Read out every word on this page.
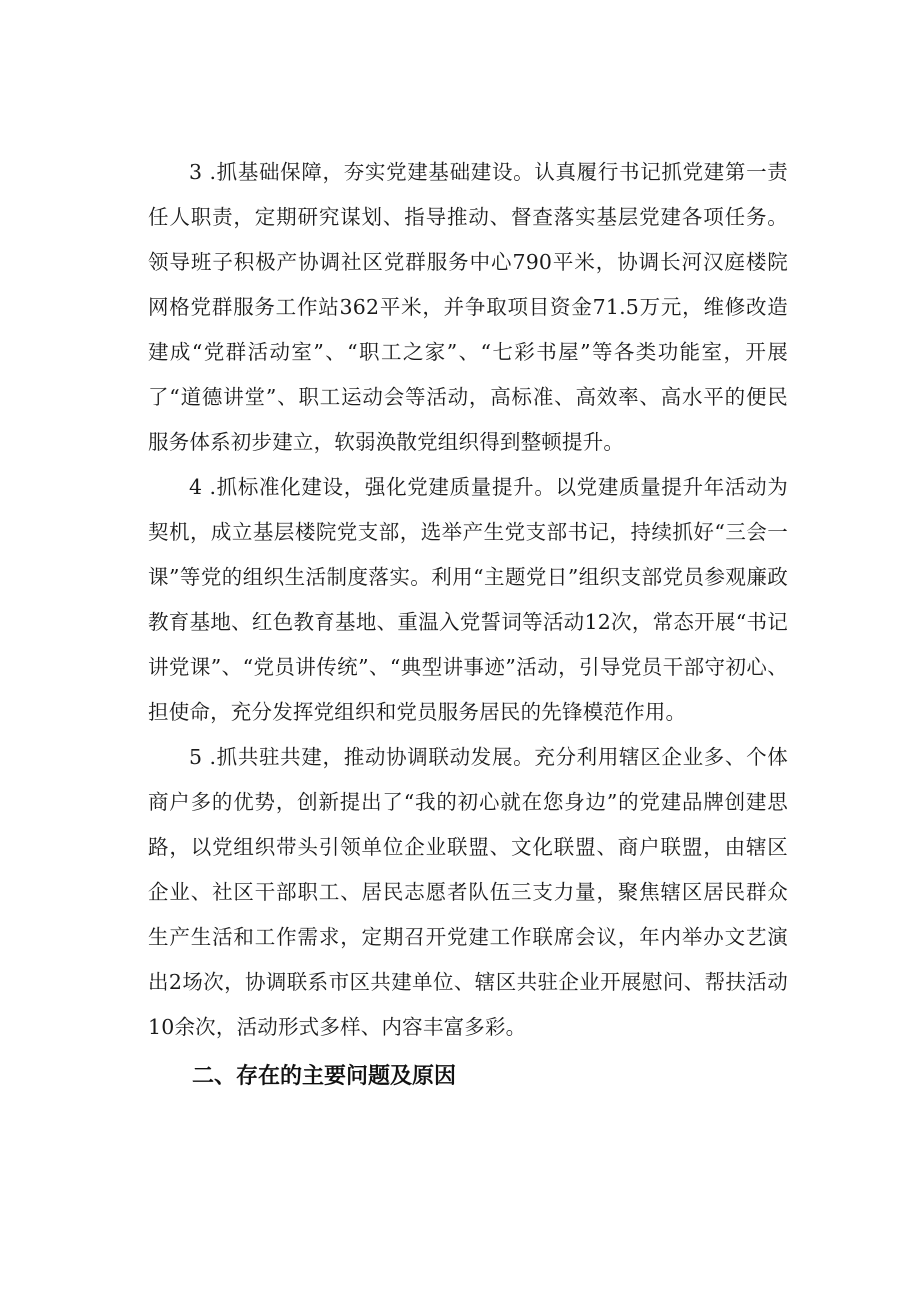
3 .抓基础保障，夯实党建基础建设。认真履行书记抓党建第一责任人职责，定期研究谋划、指导推动、督查落实基层党建各项任务。领导班子积极产协调社区党群服务中心790平米，协调长河汉庭楼院网格党群服务工作站362平米，并争取项目资金71.5万元，维修改造建成“党群活动室”、“职工之家”、“七彩书屋”等各类功能室，开展了“道德讲堂”、职工运动会等活动，高标准、高效率、高水平的便民服务体系初步建立，软弱涣散党组织得到整顿提升。

4 .抓标准化建设，强化党建质量提升。以党建质量提升年活动为契机，成立基层楼院党支部，选举产生党支部书记，持续抓好“三会一课”等党的组织生活制度落实。利用“主题党日”组织支部党员参观廉政教育基地、红色教育基地、重温入党誓词等活动12次，常态开展“书记讲党课”、“党员讲传统”、“典型讲事迹”活动，引导党员干部守初心、担使命，充分发挥党组织和党员服务居民的先锋模范作用。

5 .抓共驻共建，推动协调联动发展。充分利用辖区企业多、个体商户多的优势，创新提出了“我的初心就在您身边”的党建品牌创建思路，以党组织带头引领单位企业联盟、文化联盟、商户联盟，由辖区企业、社区干部职工、居民志愿者队伍三支力量，聚焦辖区居民群众生产生活和工作需求，定期召开党建工作联席会议，年内举办文艺演出2场次，协调联系市区共建单位、辖区共驻企业开展慰问、帮扶活动10余次，活动形式多样、内容丰富多彩。

二、存在的主要问题及原因
